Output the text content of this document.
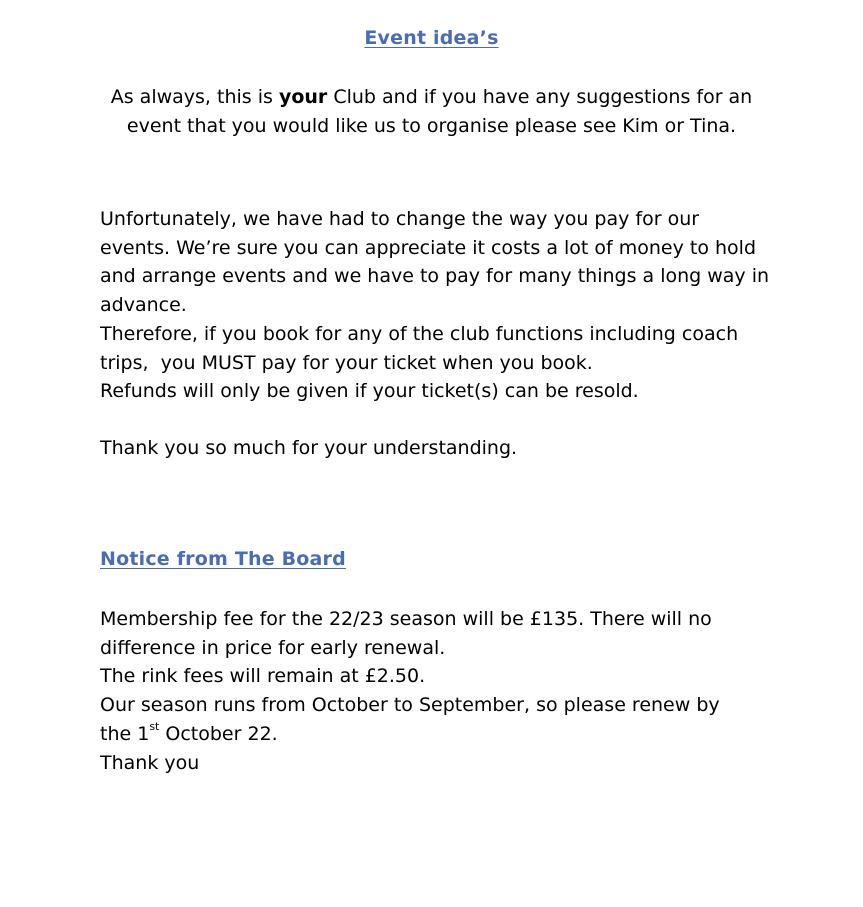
Event idea’s
As always, this is your Club and if you have any suggestions for an
event that you would like us to organise please see Kim or Tina.
Unfortunately, we have had to change the way you pay for our
events. We’re sure you can appreciate it costs a lot of money to hold
and arrange events and we have to pay for many things a long way in
advance.
Therefore, if you book for any of the club functions including coach
trips,  you MUST pay for your ticket when you book.
Refunds will only be given if your ticket(s) can be resold.
Thank you so much for your understanding.
Notice from The Board
Membership fee for the 22/23 season will be £135. There will no
difference in price for early renewal.
The rink fees will remain at £2.50.
Our season runs from October to September, so please renew by
the 1st October 22.
Thank you
